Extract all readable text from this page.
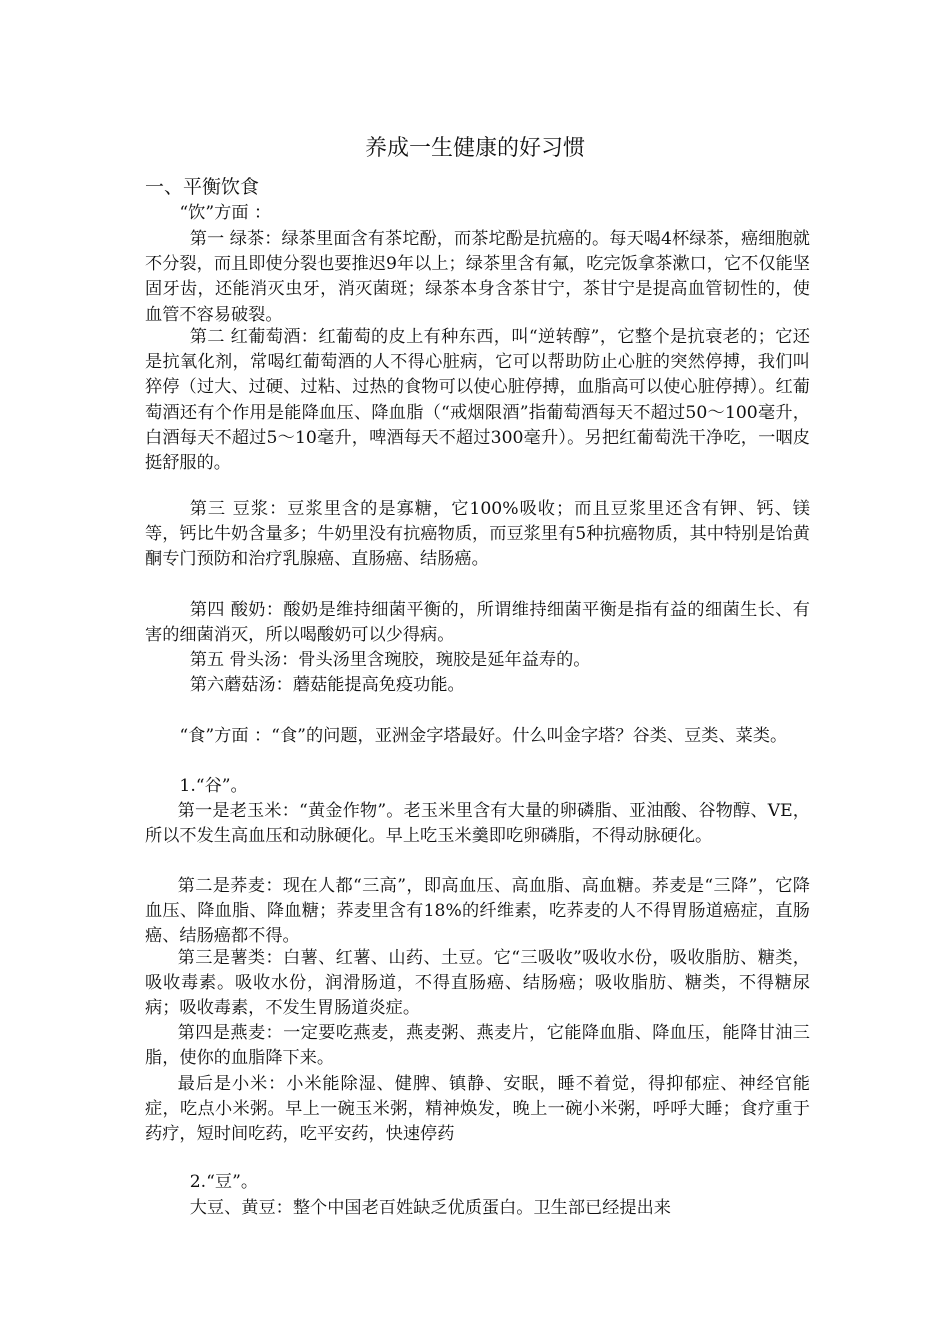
养成一生健康的好习惯
一、平衡饮食

“饮”方面 ：

第一 绿茶：绿茶里面含有茶坨酚，而茶坨酚是抗癌的。每天喝4杯绿茶，癌细胞就不分裂，而且即使分裂也要推迟9年以上；绿茶里含有氟，吃完饭拿茶漱口，它不仅能坚固牙齿，还能消灭虫牙，消灭菌斑；绿茶本身含茶甘宁，茶甘宁是提高血管韧性的，使血管不容易破裂。

第二 红葡萄酒：红葡萄的皮上有种东西，叫“逆转醇”，它整个是抗衰老的；它还是抗氧化剂，常喝红葡萄酒的人不得心脏病，它可以帮助防止心脏的突然停搏，我们叫猝停（过大、过硬、过粘、过热的食物可以使心脏停搏，血脂高可以使心脏停搏）。红葡萄酒还有个作用是能降血压、降血脂（“戒烟限酒”指葡萄酒每天不超过50～100毫升，白酒每天不超过5～10毫升，啤酒每天不超过300毫升）。另把红葡萄洗干净吃，一咽皮挺舒服的。

第三 豆浆：豆浆里含的是寡糖，它100%吸收；而且豆浆里还含有钾、钙、镁等，钙比牛奶含量多；牛奶里没有抗癌物质，而豆浆里有5种抗癌物质，其中特别是饴黄酮专门预防和治疗乳腺癌、直肠癌、结肠癌。

第四 酸奶：酸奶是维持细菌平衡的，所谓维持细菌平衡是指有益的细菌生长、有害的细菌消灭，所以喝酸奶可以少得病。

第五 骨头汤：骨头汤里含琬胶，琬胶是延年益寿的。

第六蘑菇汤：蘑菇能提高免疫功能。

“食”方面 ：“食”的问题，亚洲金字塔最好。什么叫金字塔？谷类、豆类、菜类。

1.“谷”。

第一是老玉米：“黄金作物”。老玉米里含有大量的卵磷脂、亚油酸、谷物醇、VE，所以不发生高血压和动脉硬化。早上吃玉米羹即吃卵磷脂，不得动脉硬化。

第二是荞麦：现在人都“三高”，即高血压、高血脂、高血糖。荞麦是“三降”，它降血压、降血脂、降血糖；荞麦里含有18%的纤维素，吃荞麦的人不得胃肠道癌症，直肠癌、结肠癌都不得。

第三是薯类：白薯、红薯、山药、土豆。它“三吸收”吸收水份，吸收脂肪、糖类，吸收毒素。吸收水份，润滑肠道，不得直肠癌、结肠癌；吸收脂肪、糖类，不得糖尿病；吸收毒素，不发生胃肠道炎症。

第四是燕麦：一定要吃燕麦，燕麦粥、燕麦片，它能降血脂、降血压，能降甘油三脂，使你的血脂降下来。

最后是小米：小米能除湿、健脾、镇静、安眠，睡不着觉，得抑郁症、神经官能症，吃点小米粥。早上一碗玉米粥，精神焕发，晚上一碗小米粥，呼呼大睡；食疗重于药疗，短时间吃药，吃平安药，快速停药

2.“豆”。

大豆、黄豆：整个中国老百姓缺乏优质蛋白。卫生部已经提出来
